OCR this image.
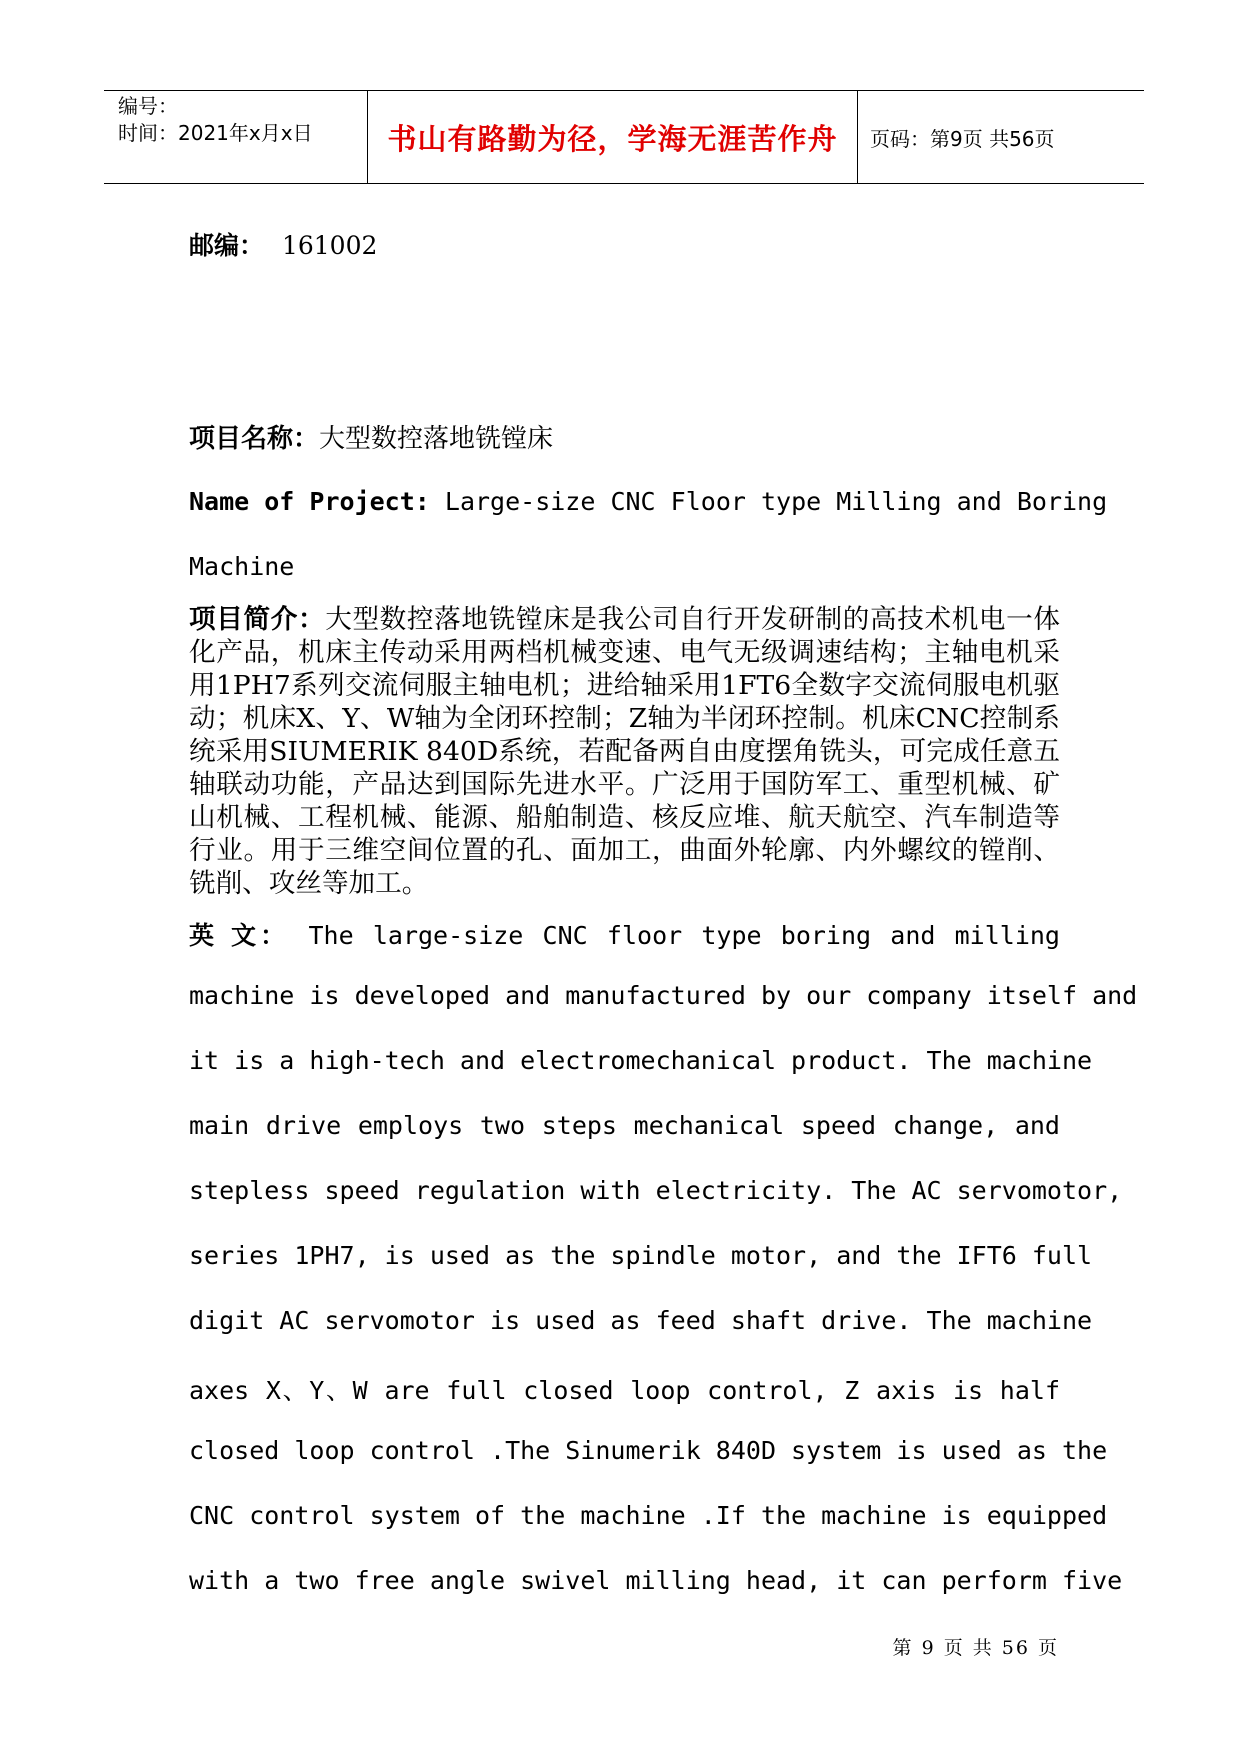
编号：
时间：2021年x月x日	书山有路勤为径，学海无涯苦作舟	页码：第9页 共56页
邮编： 161002
项目名称：大型数控落地铣镗床
Name of Project: Large-size CNC Floor type Milling and Boring
Machine
项目简介：大型数控落地铣镗床是我公司自行开发研制的高技术机电一体化产品，机床主传动采用两档机械变速、电气无级调速结构；主轴电机采用1PH7系列交流伺服主轴电机；进给轴采用1FT6全数字交流伺服电机驱动；机床X、Y、W轴为全闭环控制；Z轴为半闭环控制。机床CNC控制系统采用SIUMERIK 840D系统，若配备两自由度摆角铣头，可完成任意五轴联动功能，产品达到国际先进水平。广泛用于国防军工、重型机械、矿山机械、工程机械、能源、船舶制造、核反应堆、航天航空、汽车制造等行业。用于三维空间位置的孔、面加工，曲面外轮廓、内外螺纹的镗削、铣削、攻丝等加工。
英 文： The large-size CNC floor type boring and milling
machine is developed and manufactured by our company itself and
it is a high-tech and electromechanical product. The machine
main drive employs two steps mechanical speed change, and
stepless speed regulation with electricity. The AC servomotor,
series 1PH7, is used as the spindle motor, and the IFT6 full
digit AC servomotor is used as feed shaft drive. The machine
axes X、Y、W are full closed loop control, Z axis is half
closed loop control .The Sinumerik 840D system is used as the
CNC control system of the machine .If the machine is equipped
with a two free angle swivel milling head, it can perform five
第 9 页 共 56 页
